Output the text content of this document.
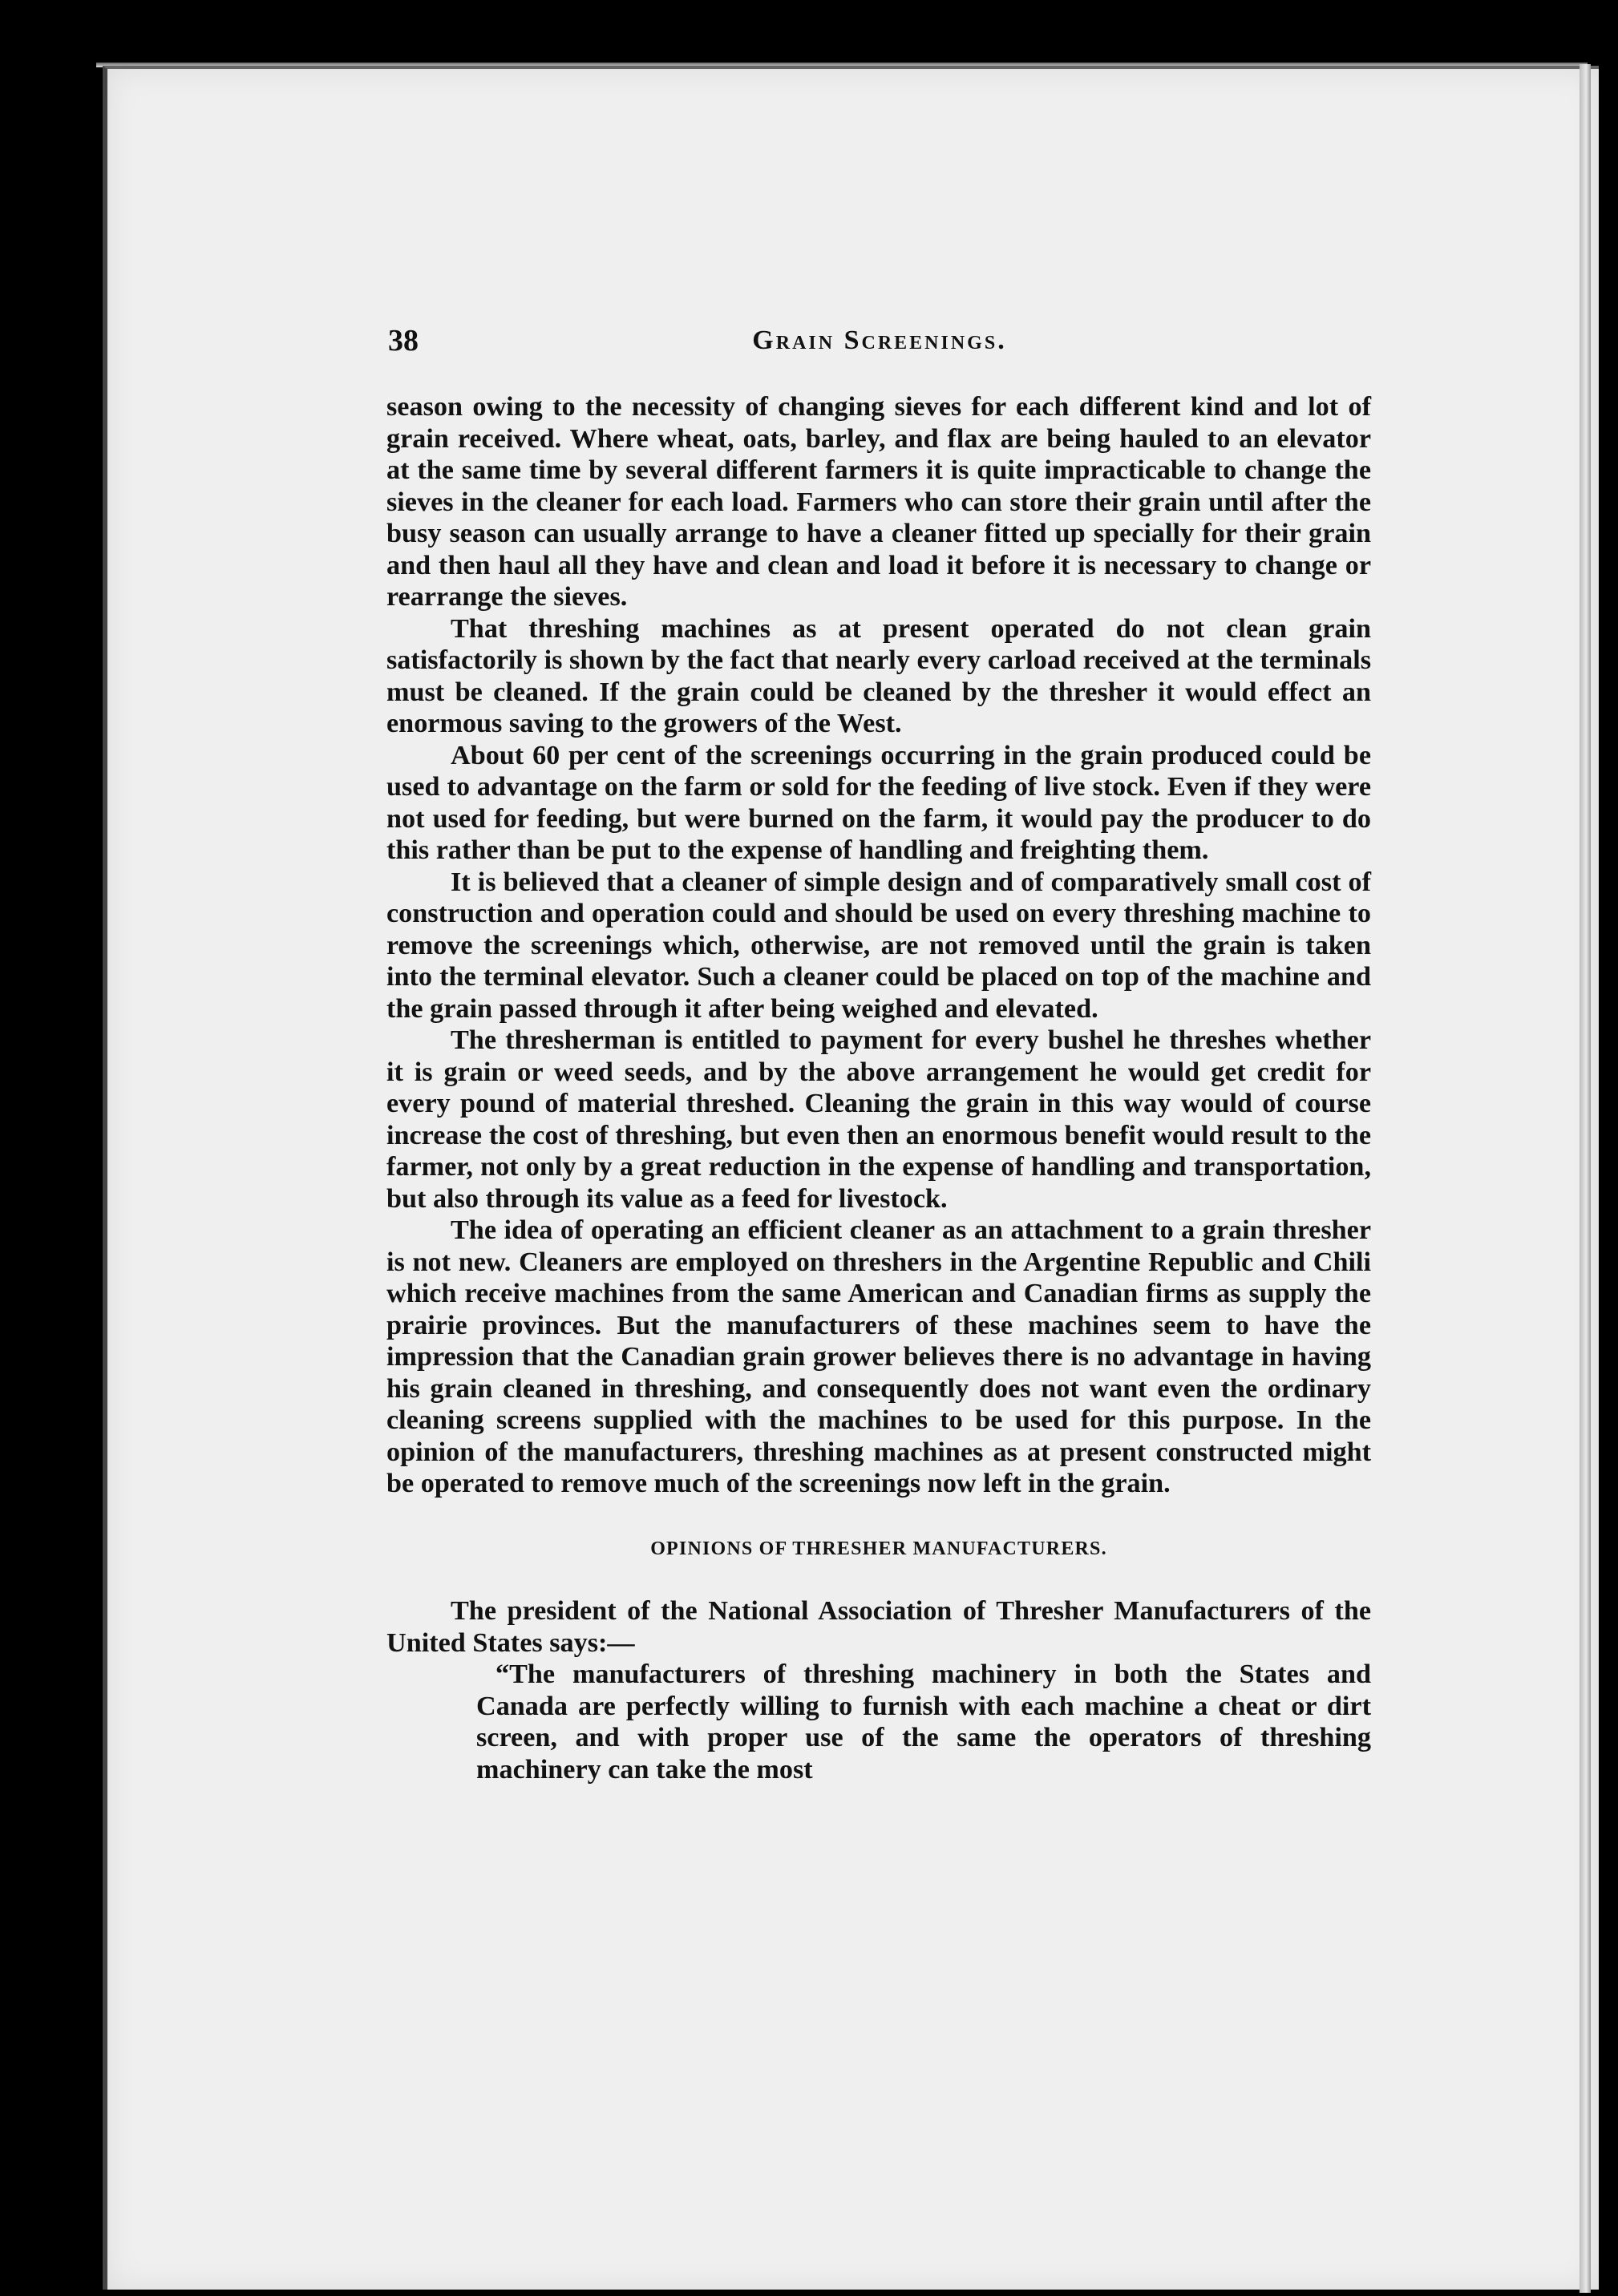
38	Grain Screenings.

season owing to the necessity of changing sieves for each different kind and lot of grain received. Where wheat, oats, barley, and flax are being hauled to an elevator at the same time by several different farmers it is quite impracticable to change the sieves in the cleaner for each load. Farmers who can store their grain until after the busy season can usually arrange to have a cleaner fitted up specially for their grain and then haul all they have and clean and load it before it is necessary to change or rearrange the sieves.

That threshing machines as at present operated do not clean grain satisfactorily is shown by the fact that nearly every carload received at the terminals must be cleaned. If the grain could be cleaned by the thresher it would effect an enormous saving to the growers of the West.

About 60 per cent of the screenings occurring in the grain produced could be used to advantage on the farm or sold for the feeding of live stock. Even if they were not used for feeding, but were burned on the farm, it would pay the producer to do this rather than be put to the expense of handling and freighting them.

It is believed that a cleaner of simple design and of comparatively small cost of construction and operation could and should be used on every threshing machine to remove the screenings which, otherwise, are not removed until the grain is taken into the terminal elevator. Such a cleaner could be placed on top of the machine and the grain passed through it after being weighed and elevated.

The thresherman is entitled to payment for every bushel he threshes whether it is grain or weed seeds, and by the above arrangement he would get credit for every pound of material threshed. Cleaning the grain in this way would of course increase the cost of threshing, but even then an enormous benefit would result to the farmer, not only by a great reduction in the expense of handling and transportation, but also through its value as a feed for livestock.

The idea of operating an efficient cleaner as an attachment to a grain thresher is not new. Cleaners are employed on threshers in the Argentine Republic and Chili which receive machines from the same American and Canadian firms as supply the prairie provinces. But the manufacturers of these machines seem to have the impression that the Canadian grain grower believes there is no advantage in having his grain cleaned in threshing, and consequently does not want even the ordinary cleaning screens supplied with the machines to be used for this purpose. In the opinion of the manufacturers, threshing machines as at present constructed might be operated to remove much of the screenings now left in the grain.

OPINIONS OF THRESHER MANUFACTURERS.

The president of the National Association of Thresher Manufacturers of the United States says:—

“The manufacturers of threshing machinery in both the States and Canada are perfectly willing to furnish with each machine a cheat or dirt screen, and with proper use of the same the operators of threshing machinery can take the most
